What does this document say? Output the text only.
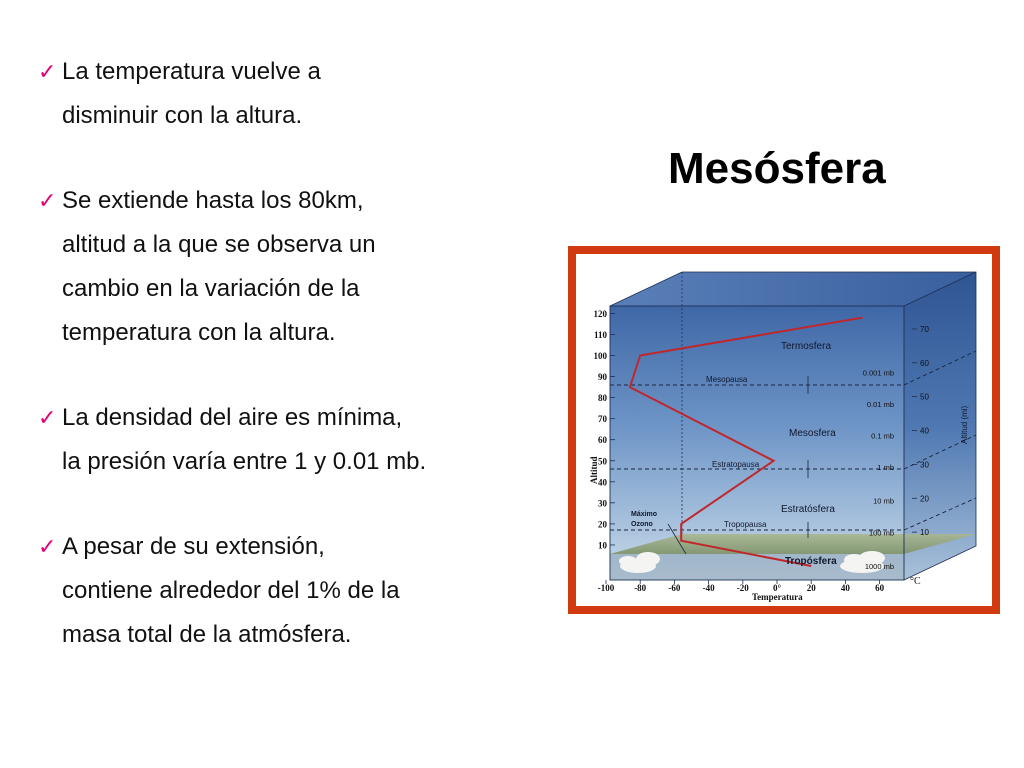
✓ La temperatura vuelve a
disminuir con la altura.

✓ Se extiende hasta los 80km,
altitud a la que se observa un
cambio en la variación de la
temperatura con la altura.

✓ La densidad del aire es mínima,
la presión varía entre 1 y 0.01 mb.

✓ A pesar de su extensión,
contiene alrededor del 1% de la
masa total de la atmósfera.

Mesósfera
120
110
100
90
80
70
60
50
40
30
20
10
70
60
50
40
30
20
10
0.001 mb
0.01 mb
0.1 mb
1 mb
10 mb
100 mb
1000 mb
-100 -80 -60 -40 -20	0°	20	40	60
Termosfera
Mesosfera
Estratósfera
Tropósfera
Mesopausa
Estratopausa
Tropopausa
Máximo
Ozono
Altitud
Temperatura
°C
Altitud (mi)
